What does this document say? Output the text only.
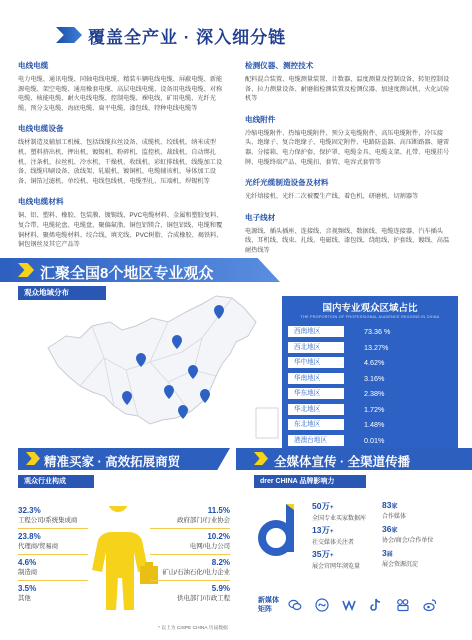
覆盖全产业 · 深入细分链
电线电缆
电力电缆、通讯电缆、同轴电线电缆、精装车辆电线电缆、屏蔽电缆、新能源电缆、架空电缆、通用橡套电缆、高层电线电缆、设备用电线电缆、对称电缆、核能电缆、耐火电线电缆、控制电缆、裸电线、矿用电缆、光纤光缆、预分支电缆、海底电缆、扁平电缆、漆包线、特种电线电缆等
电线电缆设备
线材制造及辅加工机械、包括线缆拉丝设备、成缆机、绞线机、纳米成型机、塑料挤出机、押出机、镀锡机、粉碎机、监控机、裁线机、自动绑扎机、注条机、拉丝机、冷水机、干燥机、收线机、彩虹排线机、线缆加工设备、线缆印刷设备、放线架、轧辊机、镀铜机、电缆辅该机、导体加工设备、铜箔过滤机、单绞机、电线包线机、电缆型扎、压端机、焊锡机等
电线电缆材料
铜、铝、塑料、橡胶、包装膜、镀锡线、PVC电缆材料、金属和塑胶复料、复合带、电缆轮盘、电缆盘、聚偏氟脂、铜包铝镁合、铜包铝线、电缆和覆铜材料、聚烯电缆材料、绞合线、填充线、PVC树脂、合成橡胶、褐铁料、铜包钢丝及其它产品等
检测仪器、测控技术
配料混合装置、电缆测量装置、计数器、温度测量及控制设备、转矩控制设备、拉力测量设备、耐磨损检测装置及检测仪器、加速度测试机、火化试验机等
电线附件
冷缩电缆附件、热缩电缆附件、预分支电缆附件、高压电缆附件、冷压接头、绝缘子、复合绝缘子、电缆固定附件、电路防盗器、高压断路器、避雷器、分接箱、电力保护套、保护罩、电缆金具、电缆支架、扎带、电缆挂号牌、电缆终端产品、电缆扣、套管、电容式套管等
光纤光缆制造设备及材料
光纤熔接机、光纤二次被覆生产线、着色机、研磨机、切割器等
电子线材
电源线、插头插座、连接线、音视频线、数据线、电缆连接器、汽车插头线、耳机线、线束、扎线、电磁线、漆包线、绕组线、护套线、镀线、高温耐热线等
汇聚全国8个地区专业观众
观众地域分布
国内专业观众区域占比
THE PROPORTION OF PROFESSIONAL AUDIENCE REGIONS IN CHINA
西南地区	73.36 %
西北地区	13.27%
华中地区	4.62%
华南地区	3.16%
华东地区	2.38%
华北地区	1.72%
东北地区	1.48%
港澳台地区	0.01%
精准买家 · 高效拓展商贸
观众行业构成
32.3%
工程公司/系统集成商
23.8%
代理商/贸易商
4.6%
制造商
3.5%
其他
11.5%
政府部门/行业协会
10.2%
电网/电力公司
8.2%
矿山/石油石化/电力企业
5.9%
供电部门/市政工程
* 以上为 CISPE CHINA 历届数据
全媒体宣传 · 全渠道传播
drer CHINA 品牌影响力
50万+
全国专业买家数据库
83家
合作媒体
13万+
社交媒体关注者
36家
协会/商会/合作单位
35万+
展会官网年浏览量
3届
展会资源沉淀
新媒体矩阵
